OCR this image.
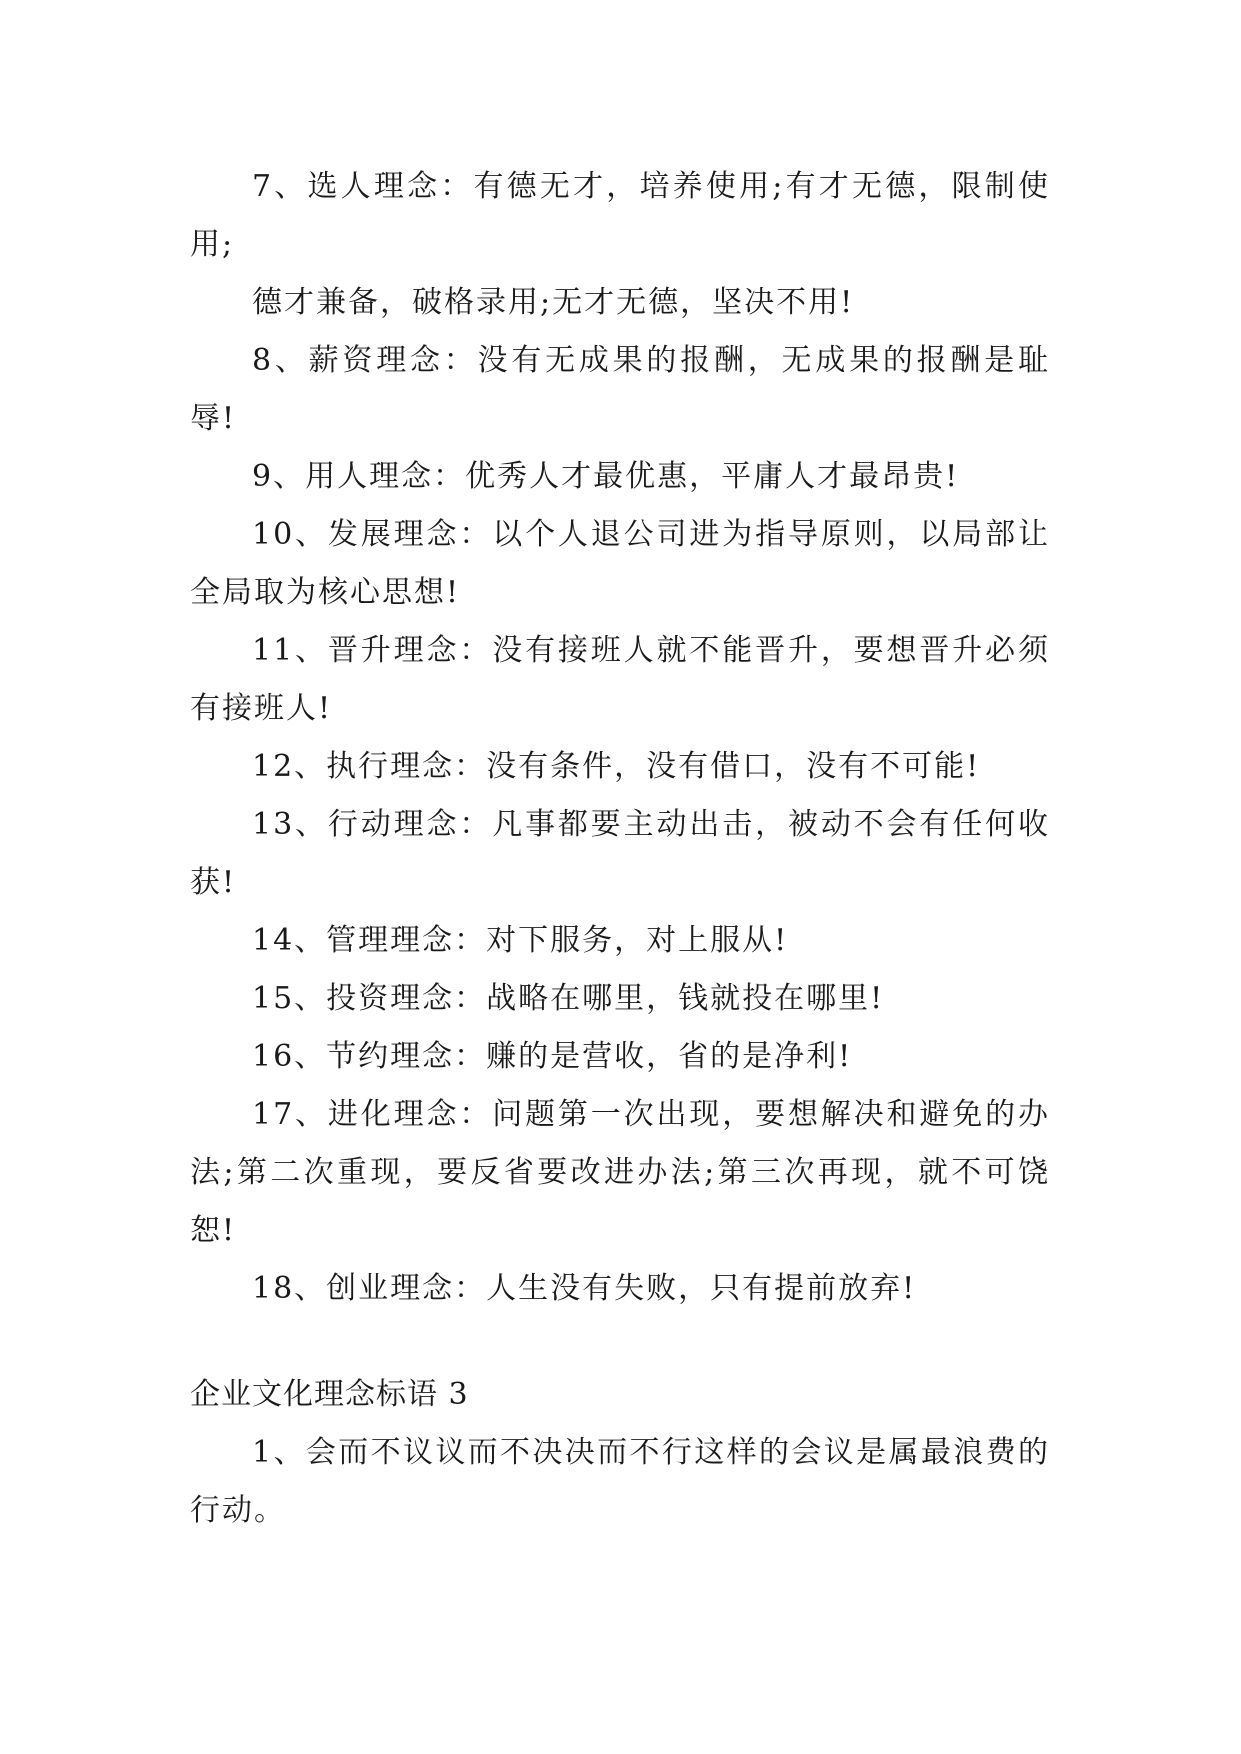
7、选人理念：有德无才，培养使用;有才无德，限制使用;

德才兼备，破格录用;无才无德，坚决不用!

8、薪资理念：没有无成果的报酬，无成果的报酬是耻辱!

9、用人理念：优秀人才最优惠，平庸人才最昂贵!

10、发展理念：以个人退公司进为指导原则，以局部让全局取为核心思想!

11、晋升理念：没有接班人就不能晋升，要想晋升必须有接班人!

12、执行理念：没有条件，没有借口，没有不可能!

13、行动理念：凡事都要主动出击，被动不会有任何收获!

14、管理理念：对下服务，对上服从!

15、投资理念：战略在哪里，钱就投在哪里!

16、节约理念：赚的是营收，省的是净利!

17、进化理念：问题第一次出现，要想解决和避免的办法;第二次重现，要反省要改进办法;第三次再现，就不可饶恕!

18、创业理念：人生没有失败，只有提前放弃!

企业文化理念标语 3

1、会而不议议而不决决而不行这样的会议是属最浪费的行动。
